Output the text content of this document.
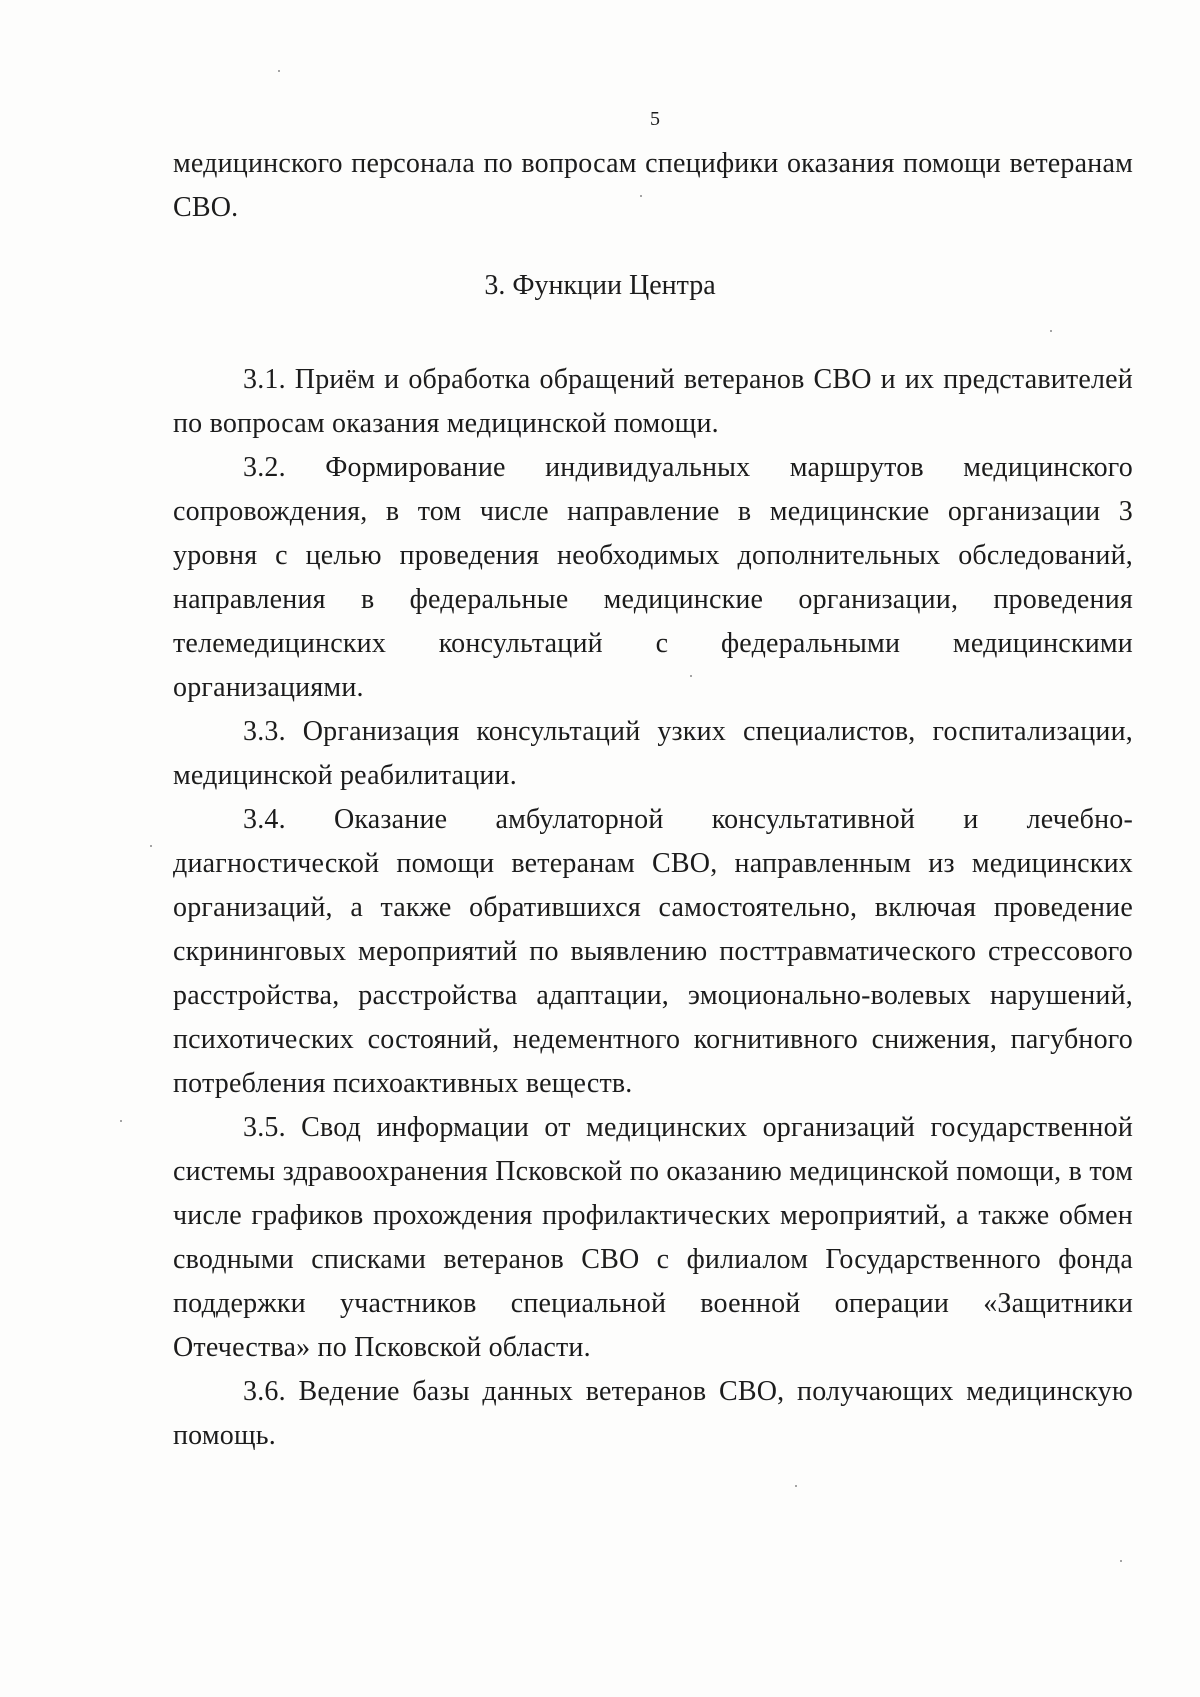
5

медицинского персонала по вопросам специфики оказания помощи ветеранам СВО.

3. Функции Центра

3.1. Приём и обработка обращений ветеранов СВО и их представителей по вопросам оказания медицинской помощи.

3.2. Формирование индивидуальных маршрутов медицинского сопровождения, в том числе направление в медицинские организации 3 уровня с целью проведения необходимых дополнительных обследований, направления в федеральные медицинские организации, проведения телемедицинских консультаций с федеральными медицинскими организациями.

3.3. Организация консультаций узких специалистов, госпитализации, медицинской реабилитации.

3.4. Оказание амбулаторной консультативной и лечебно-диагностической помощи ветеранам СВО, направленным из медицинских организаций, а также обратившихся самостоятельно, включая проведение скрининговых мероприятий по выявлению посттравматического стрессового расстройства, расстройства адаптации, эмоционально-волевых нарушений, психотических состояний, недементного когнитивного снижения, пагубного потребления психоактивных веществ.

3.5. Свод информации от медицинских организаций государственной системы здравоохранения Псковской по оказанию медицинской помощи, в том числе графиков прохождения профилактических мероприятий, а также обмен сводными списками ветеранов СВО с филиалом Государственного фонда поддержки участников специальной военной операции «Защитники Отечества» по Псковской области.

3.6. Ведение базы данных ветеранов СВО, получающих медицинскую помощь.
